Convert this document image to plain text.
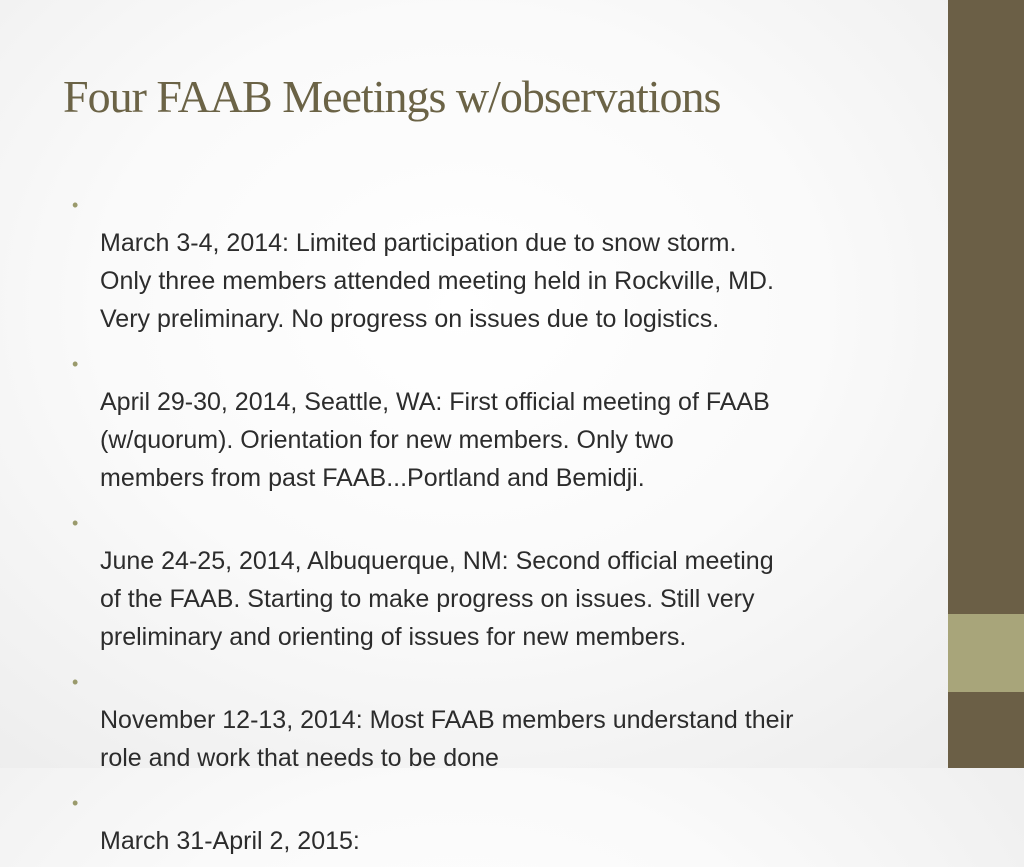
Four FAAB Meetings w/observations

•
March 3-4, 2014: Limited participation due to snow storm.
Only three members attended meeting held in Rockville, MD.
Very preliminary. No progress on issues due to logistics.

•
April 29-30, 2014, Seattle, WA: First official meeting of FAAB
(w/quorum). Orientation for new members. Only two
members from past FAAB...Portland and Bemidji.

•
June 24-25, 2014, Albuquerque, NM: Second official meeting
of the FAAB. Starting to make progress on issues. Still very
preliminary and orienting of issues for new members.

•
November 12-13, 2014: Most FAAB members understand their
role and work that needs to be done

•
March 31-April 2, 2015:
